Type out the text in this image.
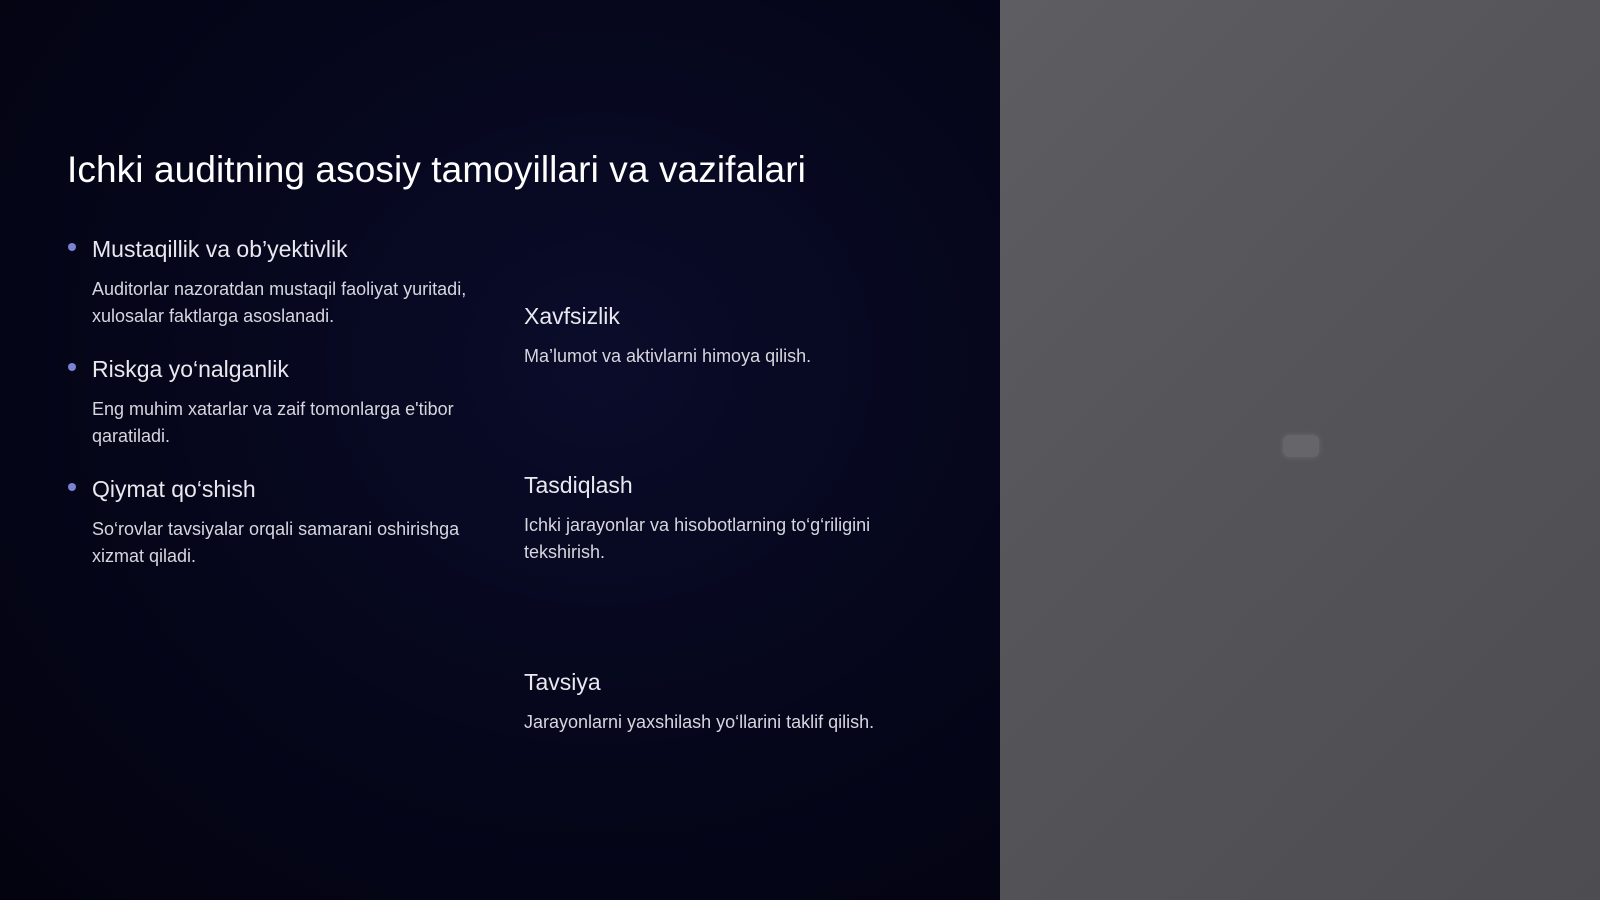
Ichki auditning asosiy tamoyillari va vazifalari
Mustaqillik va ob’yektivlik

Auditorlar nazoratdan mustaqil faoliyat yuritadi, xulosalar faktlarga asoslanadi.

Riskga yo‘nalganlik

Eng muhim xatarlar va zaif tomonlarga e'tibor qaratiladi.

Qiymat qo‘shish

So‘rovlar tavsiyalar orqali samarani oshirishga xizmat qiladi.

Xavfsizlik

Ma’lumot va aktivlarni himoya qilish.

Tasdiqlash

Ichki jarayonlar va hisobotlarning to‘g‘riligini tekshirish.

Tavsiya

Jarayonlarni yaxshilash yo‘llarini taklif qilish.
